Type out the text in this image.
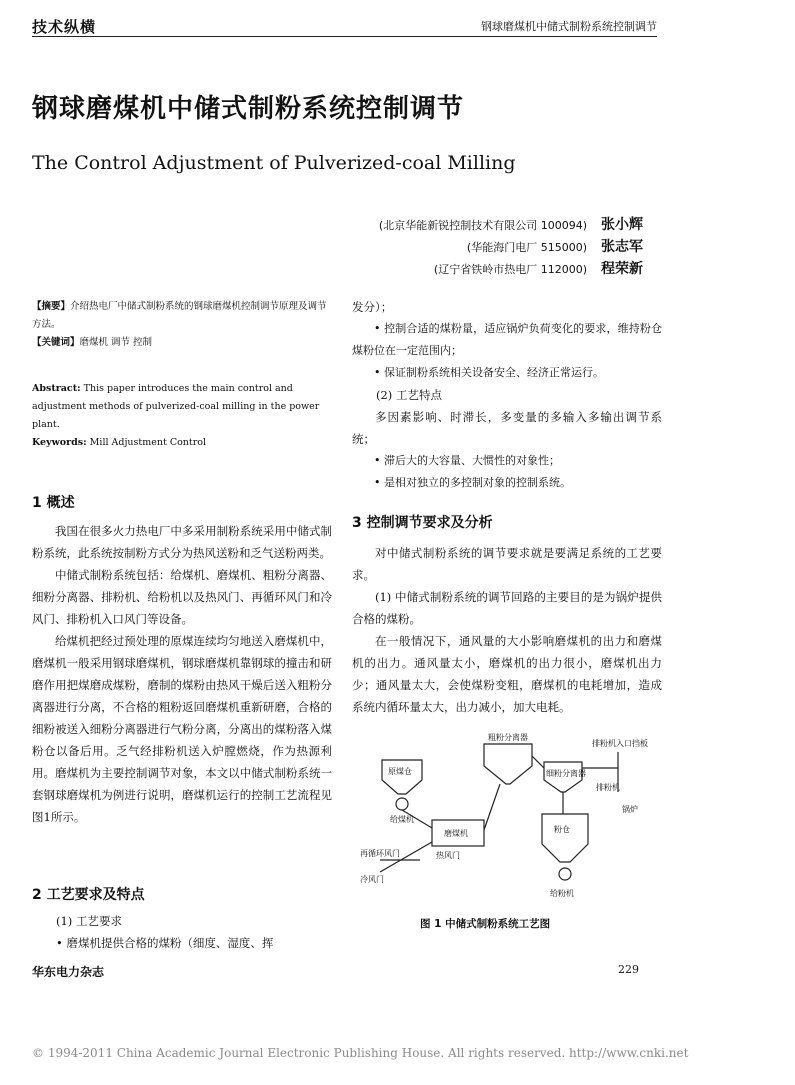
技术纵横	钢球磨煤机中储式制粉系统控制调节
钢球磨煤机中储式制粉系统控制调节
The Control Adjustment of Pulverized-coal Milling
(北京华能新锐控制技术有限公司 100094) 张小辉
(华能海门电厂 515000) 张志军
(辽宁省铁岭市热电厂 112000) 程荣新
【摘要】介绍热电厂中储式制粉系统的钢球磨煤机控制调节原理及调节方法。
【关键词】磨煤机 调节 控制
Abstract: This paper introduces the main control and adjustment methods of pulverized-coal milling in the power plant.
Keywords: Mill Adjustment Control
1 概述

我国在很多火力热电厂中多采用制粉系统采用中储式制粉系统，此系统按制粉方式分为热风送粉和乏气送粉两类。

中储式制粉系统包括：给煤机、磨煤机、粗粉分离器、细粉分离器、排粉机、给粉机以及热风门、再循环风门和冷风门、排粉机入口风门等设备。

给煤机把经过预处理的原煤连续均匀地送入磨煤机中，磨煤机一般采用钢球磨煤机，钢球磨煤机靠钢球的撞击和研磨作用把煤磨成煤粉，磨制的煤粉由热风干燥后送入粗粉分离器进行分离，不合格的粗粉返回磨煤机重新研磨，合格的细粉被送入细粉分离器进行气粉分离，分离出的煤粉落入煤粉仓以备后用。乏气经排粉机送入炉膛燃烧，作为热源利用。磨煤机为主要控制调节对象，本文以中储式制粉系统一套钢球磨煤机为例进行说明，磨煤机运行的控制工艺流程见图1所示。

2 工艺要求及特点
(1) 工艺要求
• 磨煤机提供合格的煤粉（细度、湿度、挥
发分）；

• 控制合适的煤粉量，适应锅炉负荷变化的要求，维持粉仓煤粉位在一定范围内；

• 保证制粉系统相关设备安全、经济正常运行。

(2) 工艺特点

多因素影响、时滞长，多变量的多输入多输出调节系统；

• 滞后大的大容量、大惯性的对象性；

• 是相对独立的多控制对象的控制系统。

3 控制调节要求及分析

对中储式制粉系统的调节要求就是要满足系统的工艺要求。

(1) 中储式制粉系统的调节回路的主要目的是为锅炉提供合格的煤粉。

在一般情况下，通风量的大小影响磨煤机的出力和磨煤机的出力。通风量太小，磨煤机的出力很小，磨煤机出力少；通风量太大，会使煤粉变粗，磨煤机的电耗增加，造成系统内循环量太大，出力减小，加大电耗。

原煤仓
给煤机
磨煤机
粗粉分离器
细粉分离器
排粉机入口挡板
排粉机
粉仓
给粉机
热风门
再循环风门
冷风门
锅炉
图 1 中储式制粉系统工艺图
华东电力杂志	229
© 1994-2011 China Academic Journal Electronic Publishing House. All rights reserved. http://www.cnki.net
